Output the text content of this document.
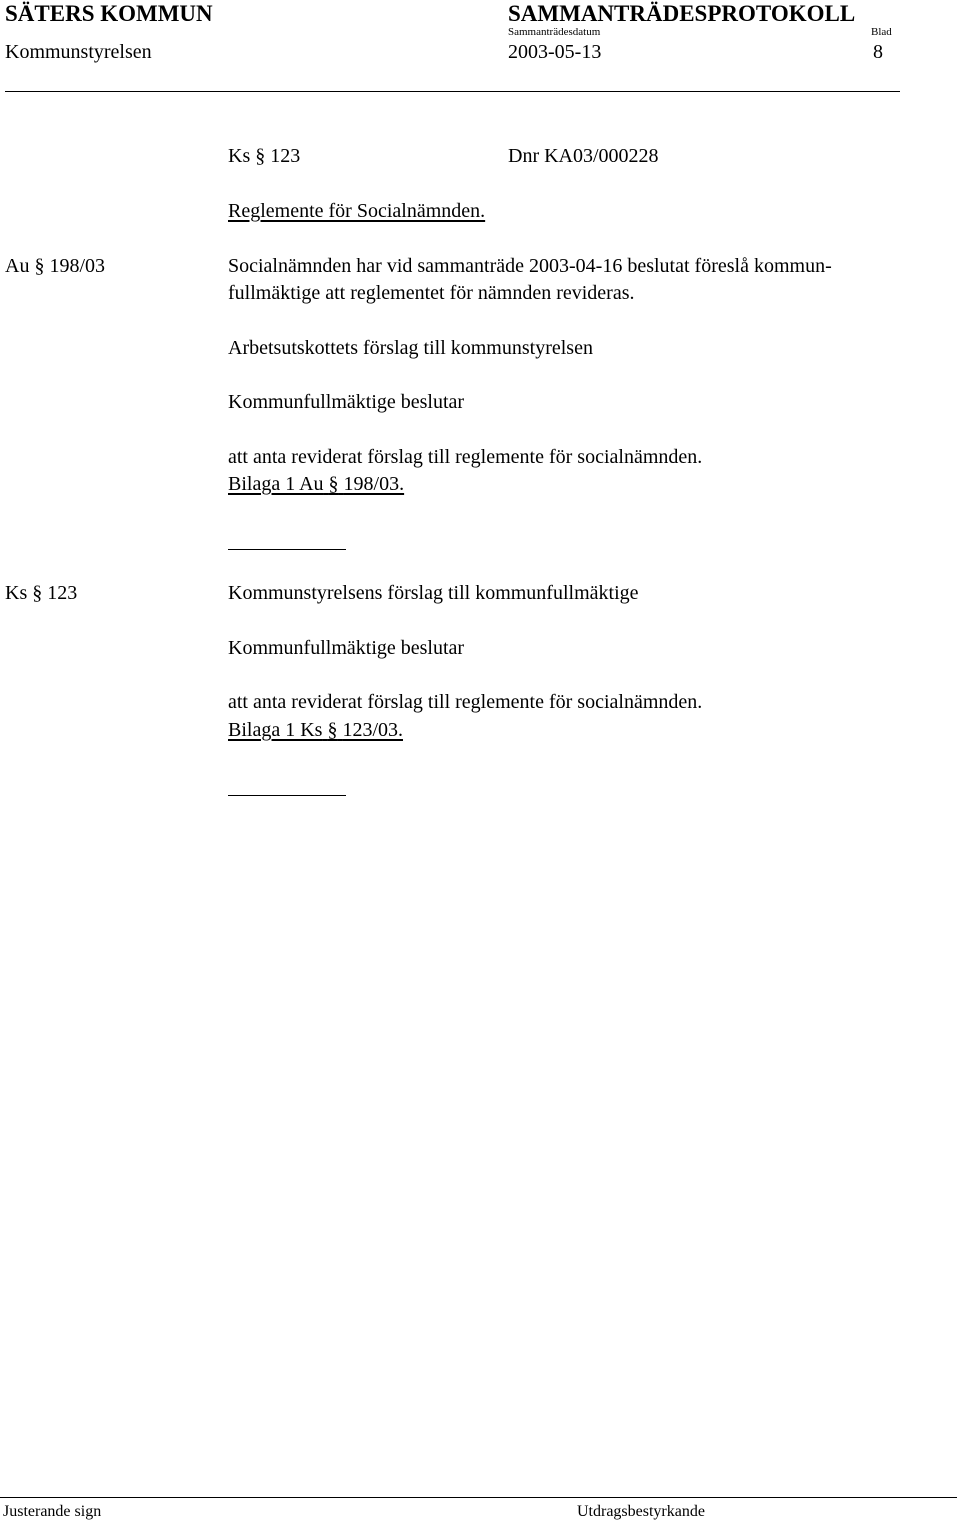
SÄTERS KOMMUN	SAMMANTRÄDESPROTOKOLL
Kommunstyrelsen
Sammanträdesdatum
2003-05-13
Blad
8
Ks § 123	Dnr KA03/000228
Reglemente för Socialnämnden.
Au § 198/03	Socialnämnden har vid sammanträde 2003-04-16 beslutat föreslå kommun-
fullmäktige att reglementet för nämnden revideras.
Arbetsutskottets förslag till kommunstyrelsen
Kommunfullmäktige beslutar
att anta reviderat förslag till reglemente för socialnämnden.
Bilaga 1 Au § 198/03.
Ks § 123	Kommunstyrelsens förslag till kommunfullmäktige
Kommunfullmäktige beslutar
att anta reviderat förslag till reglemente för socialnämnden.
Bilaga 1 Ks § 123/03.
Justerande sign	Utdragsbestyrkande
